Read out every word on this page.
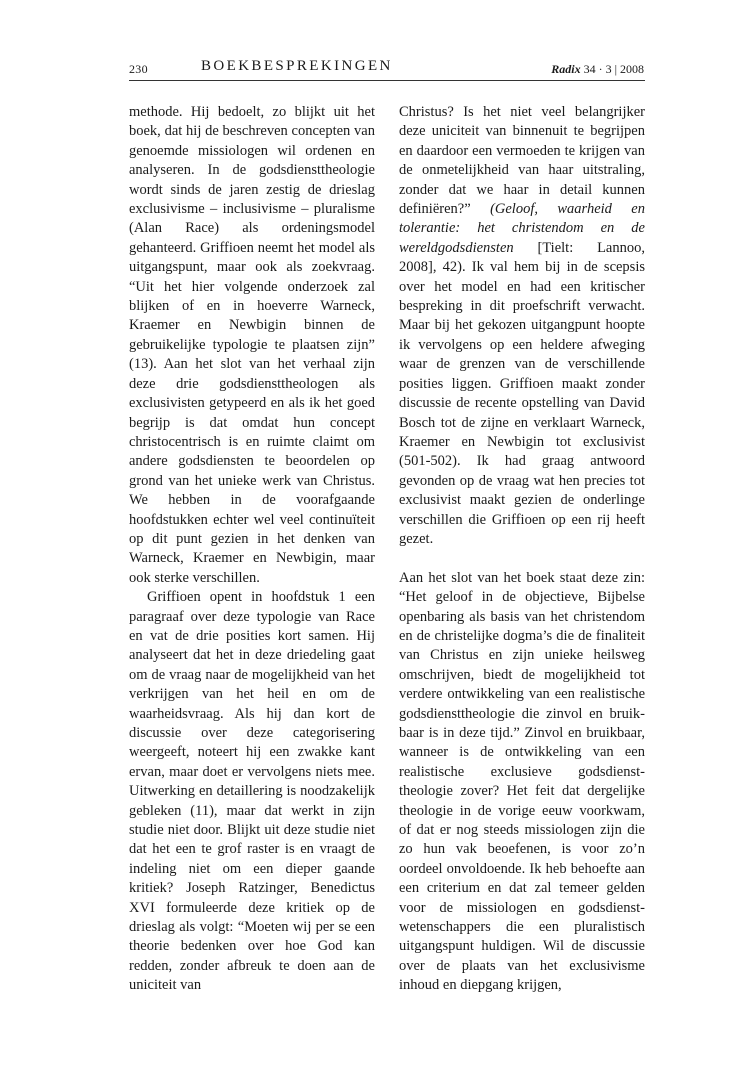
230	BOEKBESPREKINGEN	Radix 34 · 3 | 2008

methode. Hij bedoelt, zo blijkt uit het boek, dat hij de beschreven concepten van genoemde missiologen wil ordenen en analyseren. In de godsdiensttheologie wordt sinds de jaren zestig de drieslag exclusivisme – inclusivisme – pluralisme (Alan Race) als ordeningsmodel gehanteerd. Griffioen neemt het model als uitgangspunt, maar ook als zoekvraag. “Uit het hier volgende onderzoek zal blijken of en in hoeverre Warneck, Kraemer en Newbigin binnen de gebruikelijke typologie te plaatsen zijn” (13). Aan het slot van het verhaal zijn deze drie godsdiensttheologen als exclusivisten getypeerd en als ik het goed begrijp is dat omdat hun concept christocentrisch is en ruimte claimt om andere godsdiensten te beoordelen op grond van het unieke werk van Christus. We hebben in de voorafgaande hoofdstukken echter wel veel continuïteit op dit punt gezien in het denken van Warneck, Kraemer en Newbigin, maar ook sterke verschillen.

Griffioen opent in hoofdstuk 1 een paragraaf over deze typologie van Race en vat de drie posities kort samen. Hij analyseert dat het in deze driedeling gaat om de vraag naar de mogelijkheid van het verkrijgen van het heil en om de waarheidsvraag. Als hij dan kort de discussie over deze categorisering weergeeft, noteert hij een zwakke kant ervan, maar doet er vervolgens niets mee. Uitwerking en detaillering is noodzakelijk gebleken (11), maar dat werkt in zijn studie niet door. Blijkt uit deze studie niet dat het een te grof raster is en vraagt de indeling niet om een dieper gaande kritiek? Joseph Ratzinger, Benedictus XVI formuleerde deze kritiek op de drieslag als volgt: “Moeten wij per se een theorie bedenken over hoe God kan redden, zonder afbreuk te doen aan de uniciteit van

Christus? Is het niet veel belangrijker deze uniciteit van binnenuit te begrijpen en daardoor een vermoeden te krijgen van de onmetelijkheid van haar uitstraling, zonder dat we haar in detail kunnen definiëren?” (Geloof, waarheid en tolerantie: het christendom en de wereldgodsdiensten [Tielt: Lannoo, 2008], 42). Ik val hem bij in de scepsis over het model en had een kritischer bespreking in dit proefschrift verwacht. Maar bij het gekozen uitgangpunt hoopte ik vervolgens op een heldere afweging waar de grenzen van de verschillende posities liggen. Griffioen maakt zonder discussie de recente opstelling van David Bosch tot de zijne en verklaart Warneck, Kraemer en Newbigin tot exclusivist (501-502). Ik had graag antwoord gevonden op de vraag wat hen precies tot exclusivist maakt gezien de onderlinge verschillen die Griffioen op een rij heeft gezet.

Aan het slot van het boek staat deze zin: “Het geloof in de objectieve, Bijbelse openbaring als basis van het christendom en de christelijke dogma’s die de finaliteit van Christus en zijn unieke heilsweg omschrijven, biedt de mogelijkheid tot verdere ontwikkeling van een realistische godsdiensttheologie die zinvol en bruikbaar is in deze tijd.” Zinvol en bruikbaar, wanneer is de ontwikkeling van een realistische exclusieve godsdiensttheologie zover? Het feit dat dergelijke theologie in de vorige eeuw voorkwam, of dat er nog steeds missiologen zijn die zo hun vak beoefenen, is voor zo’n oordeel onvoldoende. Ik heb behoefte aan een criterium en dat zal temeer gelden voor de missiologen en godsdienstwetenschappers die een pluralistisch uitgangspunt huldigen. Wil de discussie over de plaats van het exclusivisme inhoud en diepgang krijgen,
